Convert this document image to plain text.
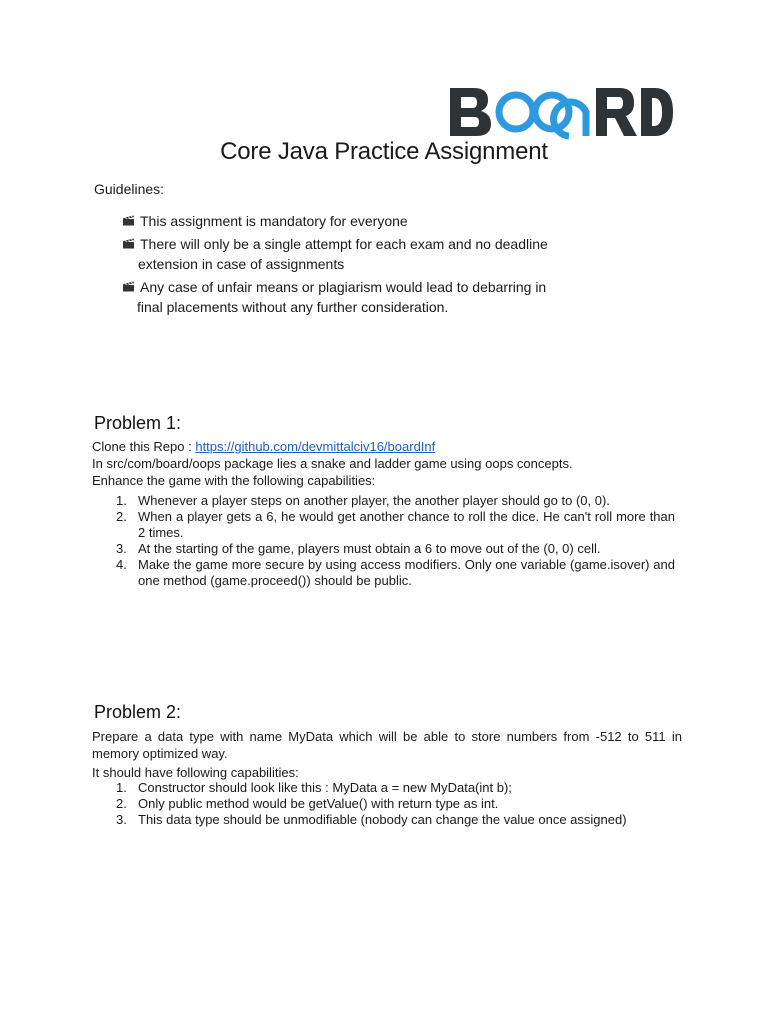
Core Java Practice Assignment
Guidelines:
This assignment is mandatory for everyone
There will only be a single attempt for each exam and no deadline
extension in case of assignments
Any case of unfair means or plagiarism would lead to debarring in
final placements without any further consideration.
Problem 1:
Clone this Repo : https://github.com/devmittalciv16/boardInf
In src/com/board/oops package lies a snake and ladder game using oops concepts.
Enhance the game with the following capabilities:
1. Whenever a player steps on another player, the another player should go to (0, 0).
2. When a player gets a 6, he would get another chance to roll the dice. He can't roll more than 2 times.
3. At the starting of the game, players must obtain a 6 to move out of the (0, 0) cell.
4. Make the game more secure by using access modifiers. Only one variable (game.isover) and one method (game.proceed()) should be public.
Problem 2:
Prepare a data type with name MyData which will be able to store numbers from -512 to 511 in memory optimized way.
It should have following capabilities:
1. Constructor should look like this : MyData a = new MyData(int b);
2. Only public method would be getValue() with return type as int.
3. This data type should be unmodifiable (nobody can change the value once assigned)
